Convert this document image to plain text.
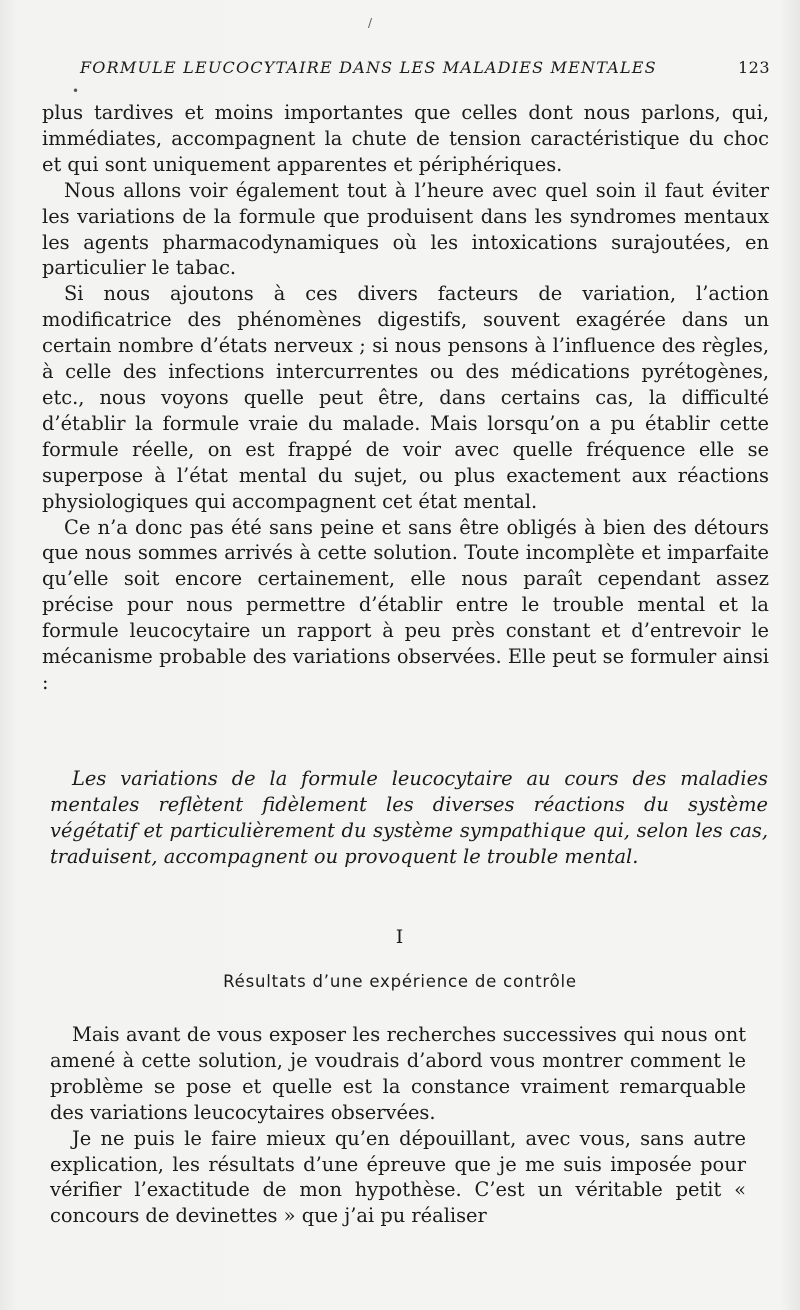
/
•
FORMULE LEUCOCYTAIRE DANS LES MALADIES MENTALES	123

plus tardives et moins importantes que celles dont nous parlons, qui, immédiates, accompagnent la chute de tension caractéristique du choc et qui sont uniquement apparentes et périphériques.

Nous allons voir également tout à l’heure avec quel soin il faut éviter les variations de la formule que produisent dans les syndromes mentaux les agents pharmacodynamiques où les intoxications surajoutées, en particulier le tabac.

Si nous ajoutons à ces divers facteurs de variation, l’action modificatrice des phénomènes digestifs, souvent exagérée dans un certain nombre d’états nerveux ; si nous pensons à l’influence des règles, à celle des infections intercurrentes ou des médications pyrétogènes, etc., nous voyons quelle peut être, dans certains cas, la difficulté d’établir la formule vraie du malade. Mais lorsqu’on a pu établir cette formule réelle, on est frappé de voir avec quelle fréquence elle se superpose à l’état mental du sujet, ou plus exactement aux réactions physiologiques qui accompagnent cet état mental.

Ce n’a donc pas été sans peine et sans être obligés à bien des détours que nous sommes arrivés à cette solution. Toute incomplète et imparfaite qu’elle soit encore certainement, elle nous paraît cependant assez précise pour nous permettre d’établir entre le trouble mental et la formule leucocytaire un rapport à peu près constant et d’entrevoir le mécanisme probable des variations observées. Elle peut se formuler ainsi :

Les variations de la formule leucocytaire au cours des maladies mentales reflètent fidèlement les diverses réactions du système végétatif et particulièrement du système sympathique qui, selon les cas, traduisent, accompagnent ou provoquent le trouble mental.

I
Résultats d’une expérience de contrôle

Mais avant de vous exposer les recherches successives qui nous ont amené à cette solution, je voudrais d’abord vous montrer comment le problème se pose et quelle est la constance vraiment remarquable des variations leucocytaires observées.

Je ne puis le faire mieux qu’en dépouillant, avec vous, sans autre explication, les résultats d’une épreuve que je me suis imposée pour vérifier l’exactitude de mon hypothèse. C’est un véritable petit « concours de devinettes » que j’ai pu réaliser
